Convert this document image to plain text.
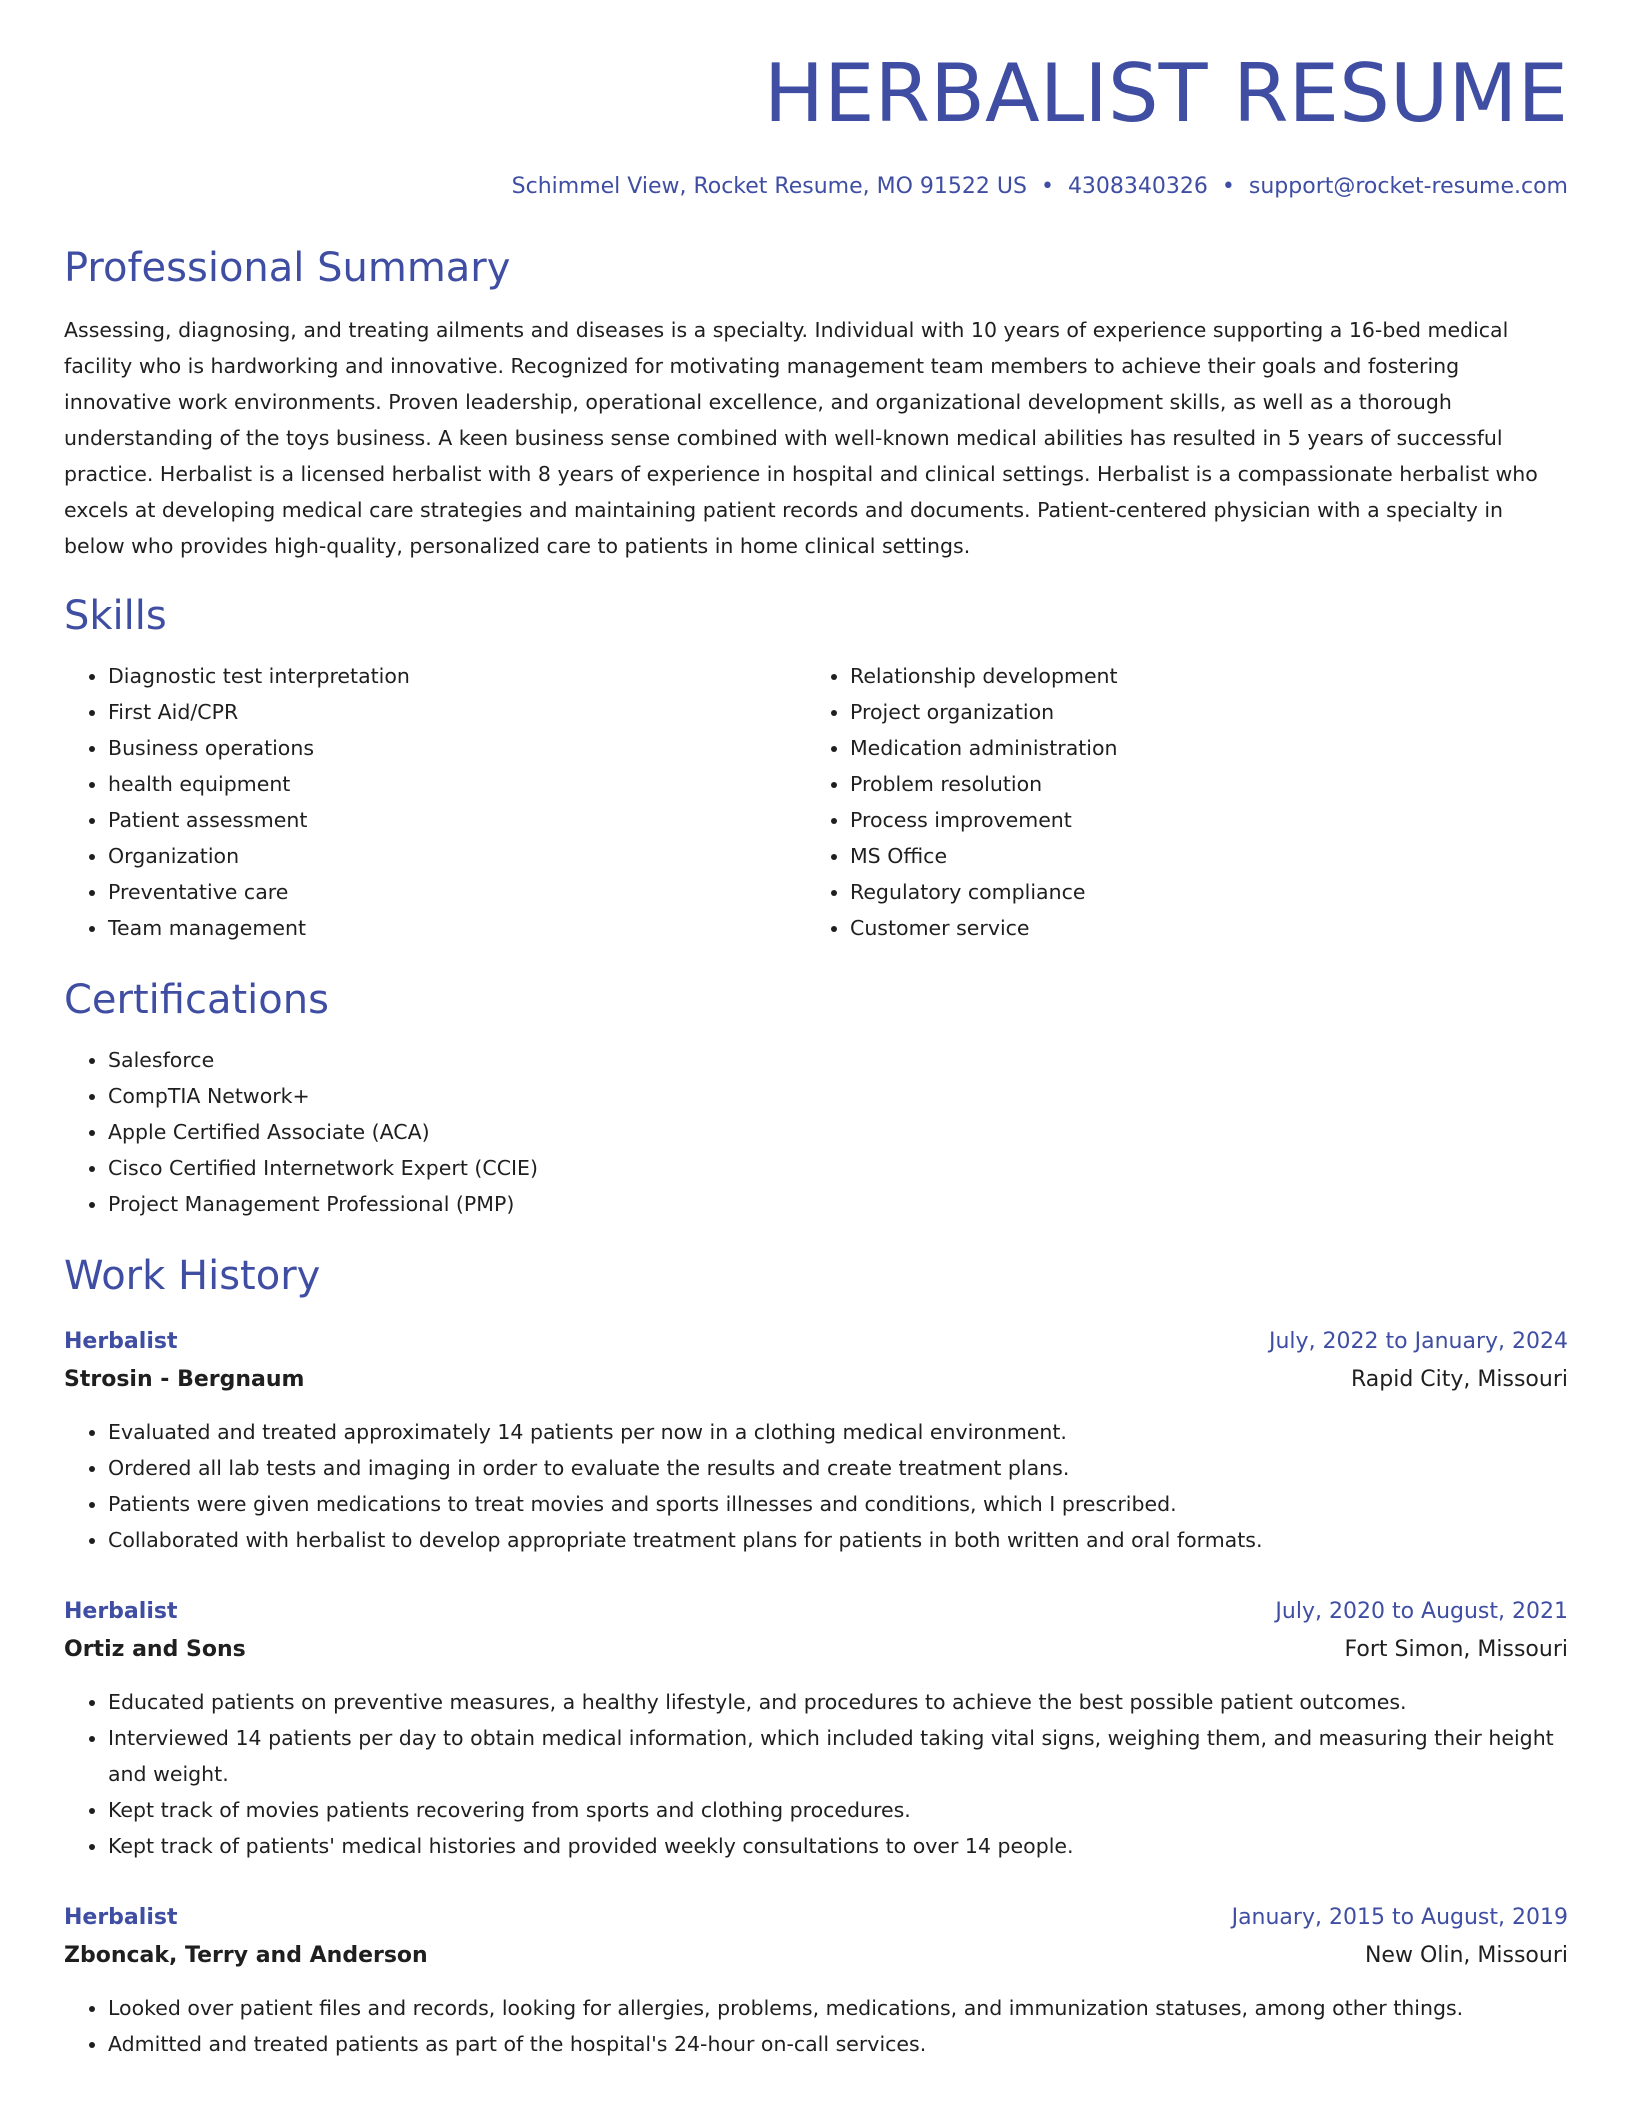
HERBALIST RESUME
Schimmel View, Rocket Resume, MO 91522 US • 4308340326 • support@rocket-resume.com
Professional Summary

Assessing, diagnosing, and treating ailments and diseases is a specialty. Individual with 10 years of experience supporting a 16-bed medical facility who is hardworking and innovative. Recognized for motivating management team members to achieve their goals and fostering innovative work environments. Proven leadership, operational excellence, and organizational development skills, as well as a thorough understanding of the toys business. A keen business sense combined with well-known medical abilities has resulted in 5 years of successful practice. Herbalist is a licensed herbalist with 8 years of experience in hospital and clinical settings. Herbalist is a compassionate herbalist who excels at developing medical care strategies and maintaining patient records and documents. Patient-centered physician with a specialty in below who provides high-quality, personalized care to patients in home clinical settings.

Skills
• Diagnostic test interpretation
• First Aid/CPR
• Business operations
• health equipment
• Patient assessment
• Organization
• Preventative care
• Team management
• Relationship development
• Project organization
• Medication administration
• Problem resolution
• Process improvement
• MS Office
• Regulatory compliance
• Customer service
Certifications
• Salesforce
• CompTIA Network+
• Apple Certified Associate (ACA)
• Cisco Certified Internetwork Expert (CCIE)
• Project Management Professional (PMP)
Work History
Herbalist	July, 2022 to January, 2024
Strosin - Bergnaum	Rapid City, Missouri
• Evaluated and treated approximately 14 patients per now in a clothing medical environment.
• Ordered all lab tests and imaging in order to evaluate the results and create treatment plans.
• Patients were given medications to treat movies and sports illnesses and conditions, which I prescribed.
• Collaborated with herbalist to develop appropriate treatment plans for patients in both written and oral formats.
Herbalist	July, 2020 to August, 2021
Ortiz and Sons	Fort Simon, Missouri
• Educated patients on preventive measures, a healthy lifestyle, and procedures to achieve the best possible patient outcomes.
• Interviewed 14 patients per day to obtain medical information, which included taking vital signs, weighing them, and measuring their height and weight.
• Kept track of movies patients recovering from sports and clothing procedures.
• Kept track of patients' medical histories and provided weekly consultations to over 14 people.
Herbalist	January, 2015 to August, 2019
Zboncak, Terry and Anderson	New Olin, Missouri
• Looked over patient files and records, looking for allergies, problems, medications, and immunization statuses, among other things.
• Admitted and treated patients as part of the hospital's 24-hour on-call services.
